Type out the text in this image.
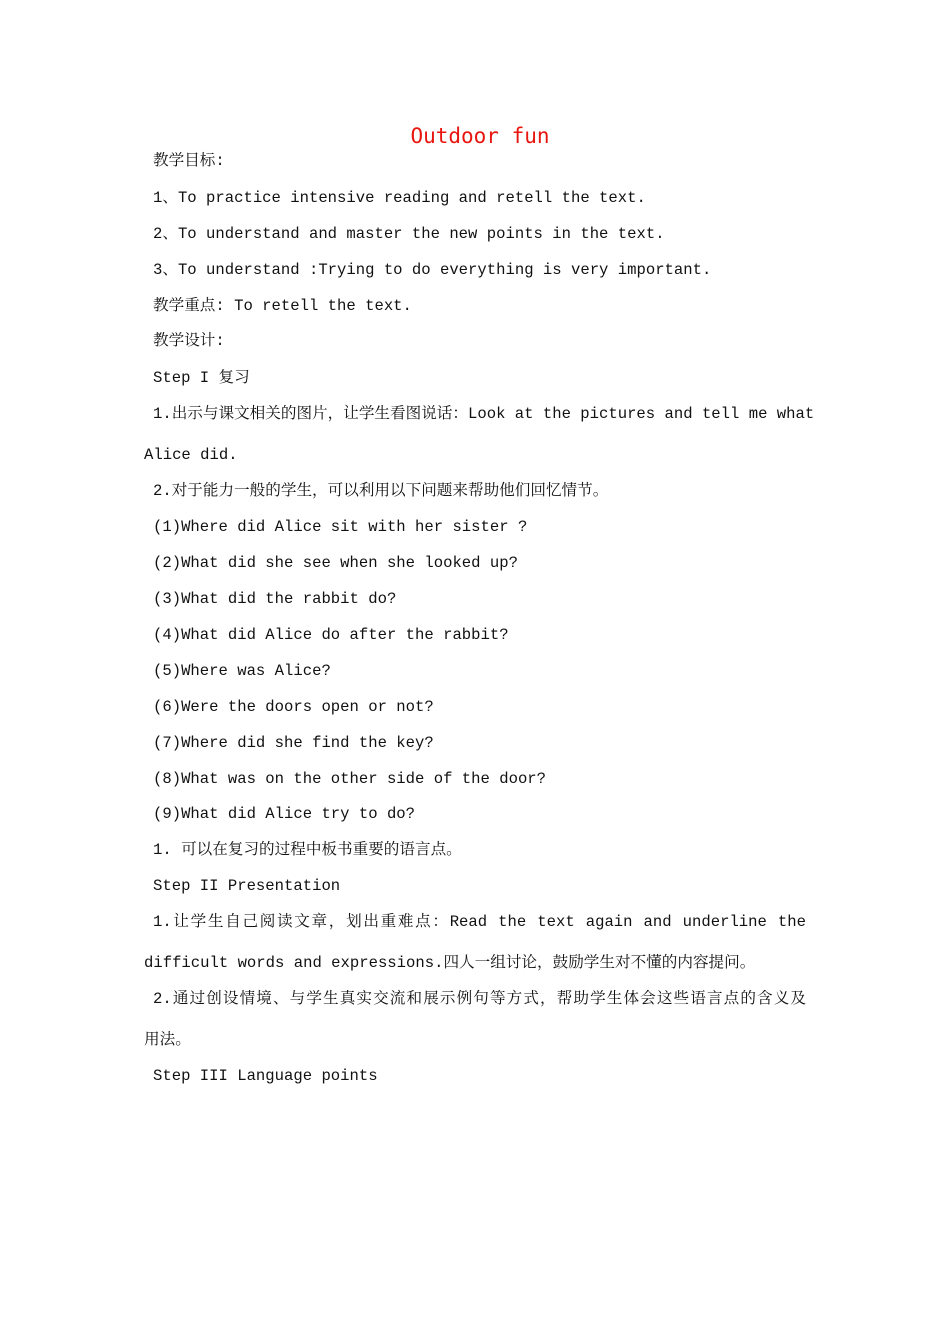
Outdoor fun
教学目标:
1、To practice intensive reading and retell the text.
2、To understand and master the new points in the text.
3、To understand :Trying to do everything is very important.
教学重点: To retell the text.
教学设计:
Step I 复习
1.出示与课文相关的图片，让学生看图说话：Look at the pictures and tell me what
Alice did.
2.对于能力一般的学生，可以利用以下问题来帮助他们回忆情节。
(1)Where did Alice sit with her sister ?
(2)What did she see when she looked up?
(3)What did the rabbit do?
(4)What did Alice do after the rabbit?
(5)Where was Alice?
(6)Were the doors open or not?
(7)Where did she find the key?
(8)What was on the other side of the door?
(9)What did Alice try to do?
1. 可以在复习的过程中板书重要的语言点。
Step II Presentation
1.让学生自己阅读文章，划出重难点：Read the text again and underline the
difficult words and expressions.四人一组讨论，鼓励学生对不懂的内容提问。
2.通过创设情境、与学生真实交流和展示例句等方式，帮助学生体会这些语言点的含义及
用法。
Step III Language points
